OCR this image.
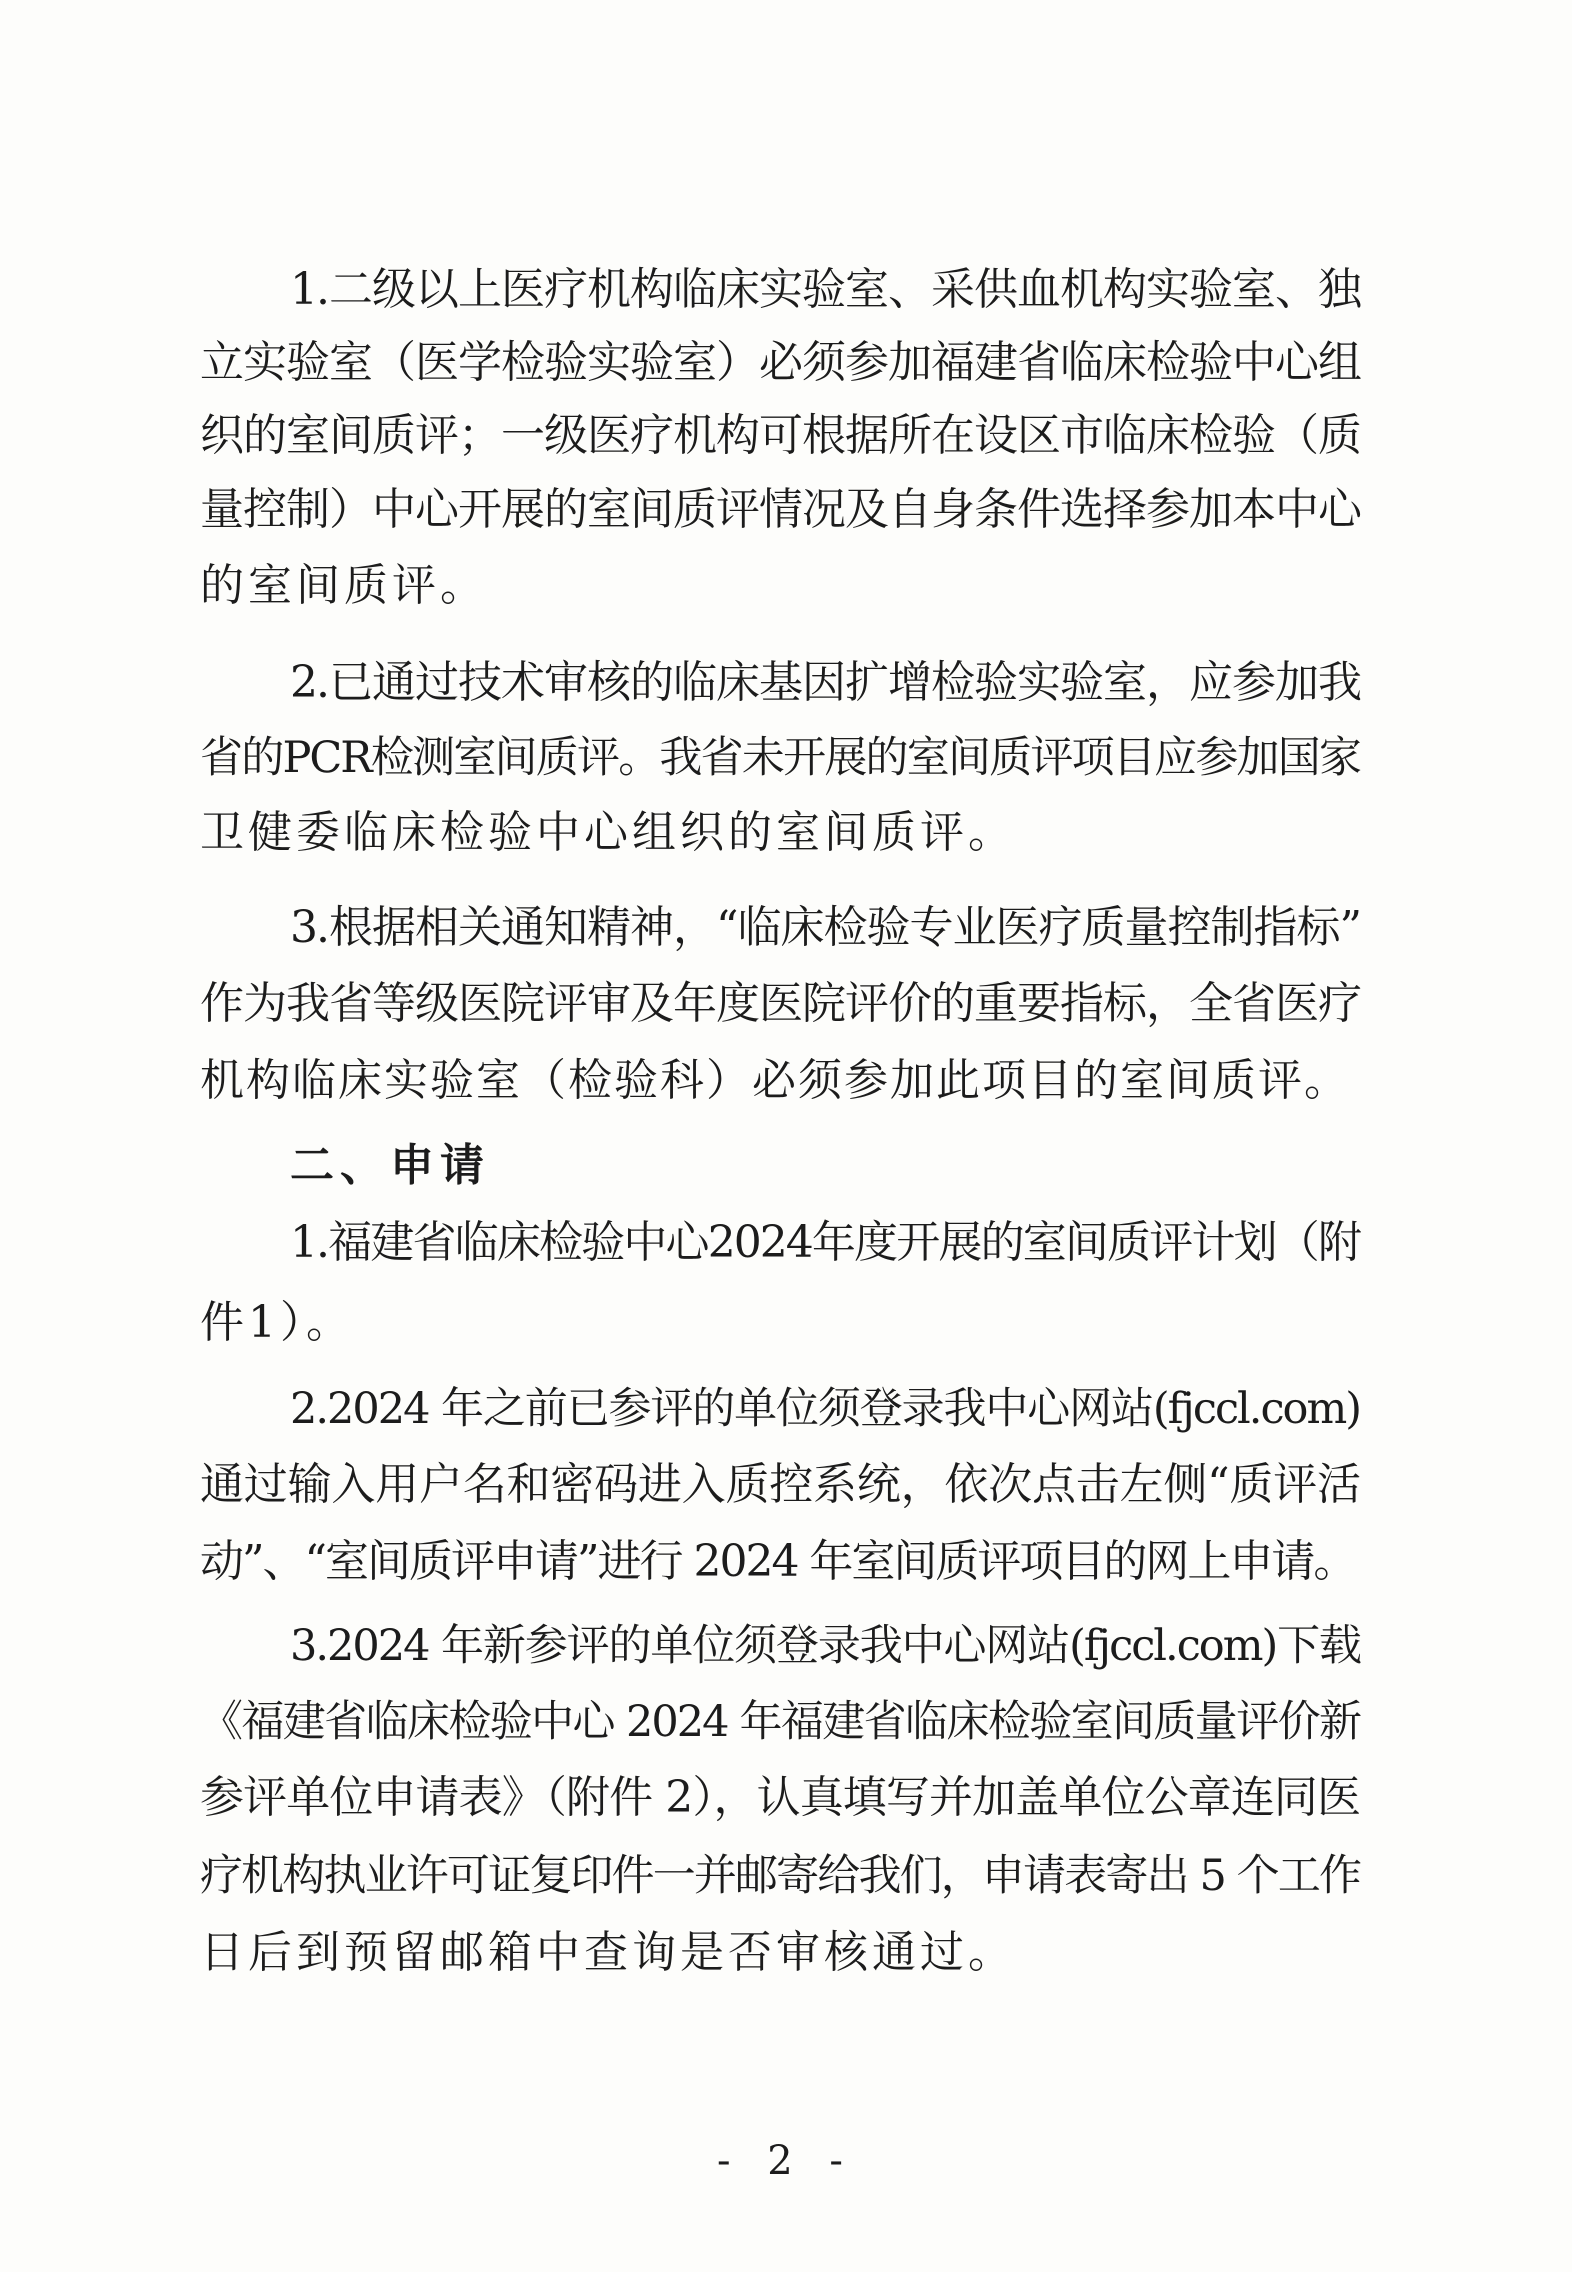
1.二级以上医疗机构临床实验室、采供血机构实验室、独
立实验室（医学检验实验室）必须参加福建省临床检验中心组
织的室间质评；一级医疗机构可根据所在设区市临床检验（质
量控制）中心开展的室间质评情况及自身条件选择参加本中心
的室间质评。
2.已通过技术审核的临床基因扩增检验实验室，应参加我
省的PCR检测室间质评。我省未开展的室间质评项目应参加国家
卫健委临床检验中心组织的室间质评。
3.根据相关通知精神，“临床检验专业医疗质量控制指标”
作为我省等级医院评审及年度医院评价的重要指标，全省医疗
机构临床实验室（检验科）必须参加此项目的室间质评。
二、申请
1.福建省临床检验中心2024年度开展的室间质评计划（附
件1）。
2.2024 年之前已参评的单位须登录我中心网站(fjccl.com)
通过输入用户名和密码进入质控系统，依次点击左侧“质评活
动”、“室间质评申请”进行 2024 年室间质评项目的网上申请。
3.2024 年新参评的单位须登录我中心网站(fjccl.com)下载
《福建省临床检验中心 2024 年福建省临床检验室间质量评价新
参评单位申请表》（附件 2），认真填写并加盖单位公章连同医
疗机构执业许可证复印件一并邮寄给我们，申请表寄出 5 个工作
日后到预留邮箱中查询是否审核通过。
- 2 -
